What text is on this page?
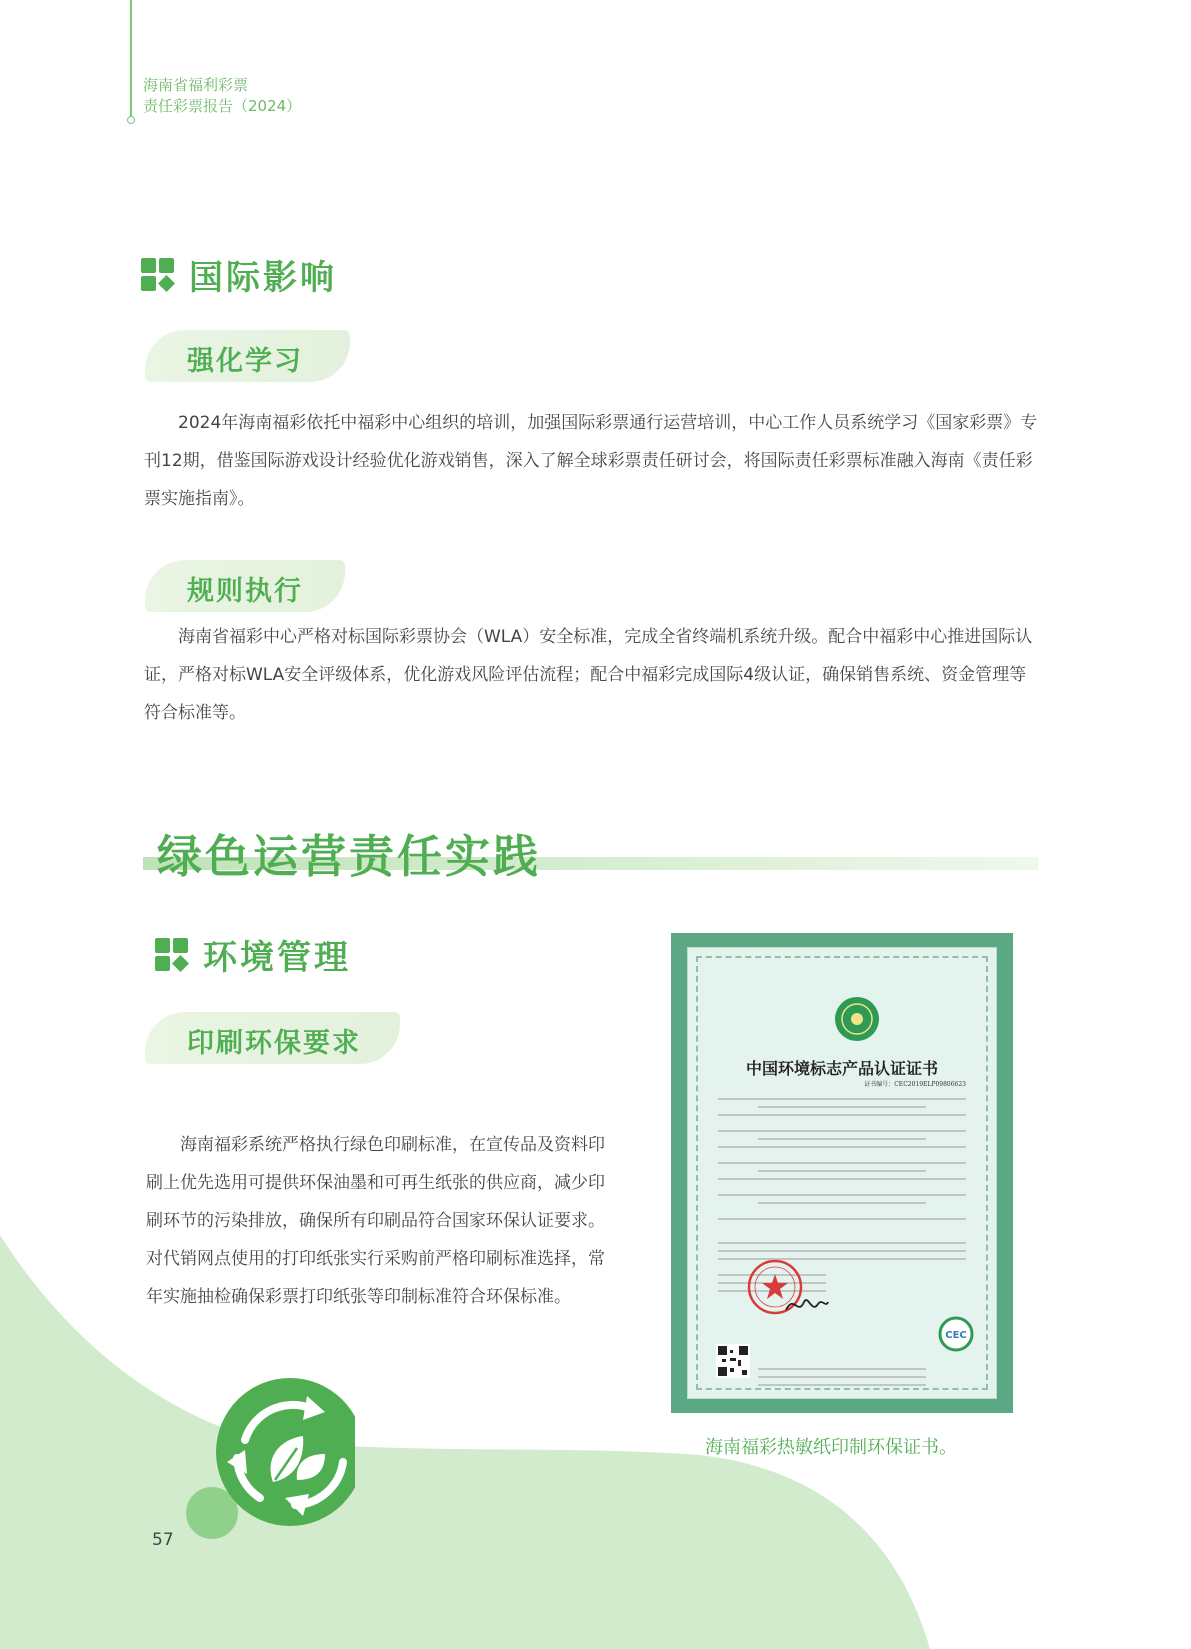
海南省福利彩票
责任彩票报告（2024）
国际影响
强化学习

2024年海南福彩依托中福彩中心组织的培训，加强国际彩票通行运营培训，中心工作人员系统学习《国家彩票》专刊12期，借鉴国际游戏设计经验优化游戏销售，深入了解全球彩票责任研讨会，将国际责任彩票标准融入海南《责任彩票实施指南》。

规则执行

海南省福彩中心严格对标国际彩票协会（WLA）安全标准，完成全省终端机系统升级。配合中福彩中心推进国际认证，严格对标WLA安全评级体系，优化游戏风险评估流程；配合中福彩完成国际4级认证，确保销售系统、资金管理等符合标准等。

绿色运营责任实践
环境管理
印刷环保要求

海南福彩系统严格执行绿色印刷标准，在宣传品及资料印刷上优先选用可提供环保油墨和可再生纸张的供应商，减少印刷环节的污染排放，确保所有印刷品符合国家环保认证要求。对代销网点使用的打印纸张实行采购前严格印刷标准选择，常年实施抽检确保彩票打印纸张等印制标准符合环保标准。

中国环境标志产品认证证书
证书编号：CEC2019ELP09806623
CEC
海南福彩热敏纸印制环保证书。
57
